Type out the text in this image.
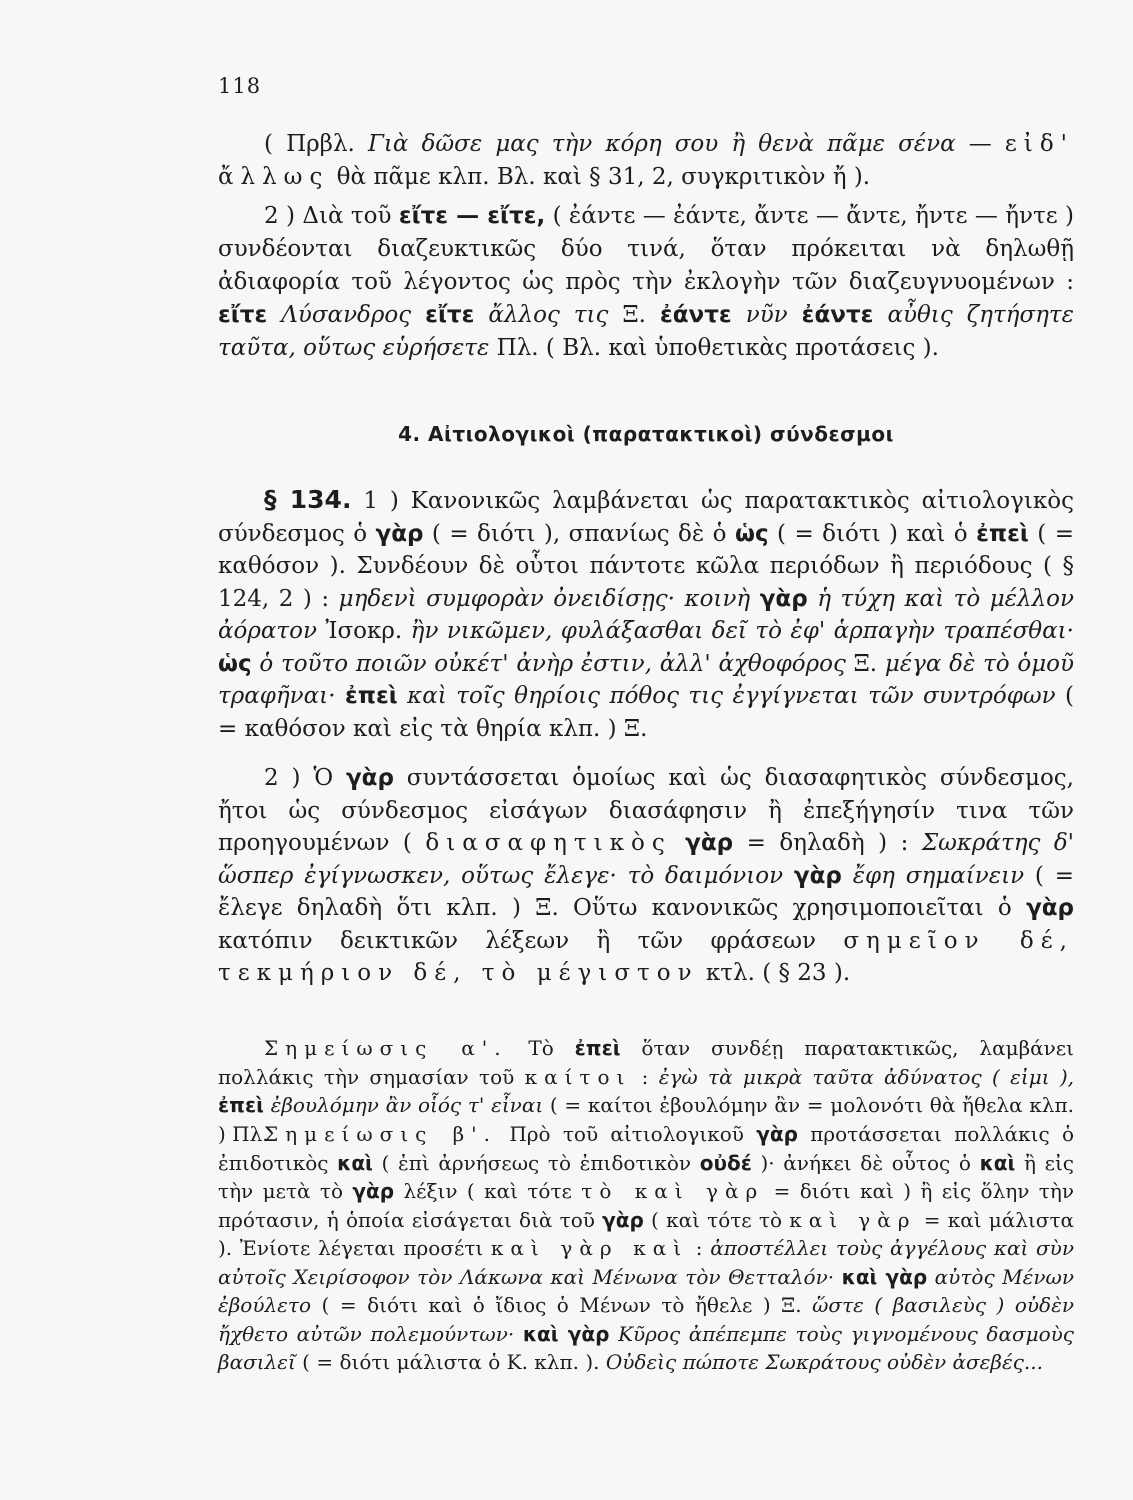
118

( Πρβλ. Γιὰ δῶσε μας τὴν κόρη σου ἢ θενὰ πᾶμε σένα — εἰδ' ἄλλως θὰ πᾶμε κλπ. Βλ. καὶ § 31, 2, συγκριτικὸν ἤ ).

2 ) Διὰ τοῦ εἴτε — εἴτε, ( ἐάντε — ἐάντε, ἄντε — ἄντε, ἤντε — ἤντε ) συνδέονται διαζευκτικῶς δύο τινά, ὅταν πρόκειται νὰ δηλωθῇ ἀδιαφορία τοῦ λέγοντος ὡς πρὸς τὴν ἐκλογὴν τῶν διαζευγνυομένων : εἴτε Λύσανδρος εἴτε ἄλλος τις Ξ. ἐάντε νῦν ἐάντε αὖθις ζητήσητε ταῦτα, οὕτως εὑρήσετε Πλ. ( Βλ. καὶ ὑποθετικὰς προτάσεις ).

4. Αἰτιολογικοὶ (παρατακτικοὶ) σύνδεσμοι

§ 134. 1 ) Κανονικῶς λαμβάνεται ὡς παρατακτικὸς αἰτιολογικὸς σύνδεσμος ὁ γὰρ ( = διότι ), σπανίως δὲ ὁ ὡς ( = διότι ) καὶ ὁ ἐπεὶ ( = καθόσον ). Συνδέουν δὲ οὗτοι πάντοτε κῶλα περιόδων ἢ περιόδους ( § 124, 2 ) : μηδενὶ συμφορὰν ὀνειδίσῃς· κοινὴ γὰρ ἡ τύχη καὶ τὸ μέλλον ἀόρατον Ἰσοκρ. ἢν νικῶμεν, φυλάξασθαι δεῖ τὸ ἐφ' ἁρπαγὴν τραπέσθαι· ὡς ὁ τοῦτο ποιῶν οὐκέτ' ἀνὴρ ἐστιν, ἀλλ' ἀχθοφόρος Ξ. μέγα δὲ τὸ ὁμοῦ τραφῆναι· ἐπεὶ καὶ τοῖς θηρίοις πόθος τις ἐγγίγνεται τῶν συντρόφων ( = καθόσον καὶ εἰς τὰ θηρία κλπ. ) Ξ.

2 ) Ὁ γὰρ συντάσσεται ὁμοίως καὶ ὡς διασαφητικὸς σύνδεσμος, ἤτοι ὡς σύνδεσμος εἰσάγων διασάφησιν ἢ ἐπεξήγησίν τινα τῶν προηγουμένων ( διασαφητικὸς γὰρ = δηλαδὴ ) : Σωκράτης δ' ὥσπερ ἐγίγνωσκεν, οὕτως ἔλεγε· τὸ δαιμόνιον γὰρ ἔφη σημαίνειν ( = ἔλεγε δηλαδὴ ὅτι κλπ. ) Ξ. Οὕτω κανονικῶς χρησιμοποιεῖται ὁ γὰρ κατόπιν δεικτικῶν λέξεων ἢ τῶν φράσεων σημεῖον δέ, τεκμήριον δέ, τὸ μέγιστον κτλ. ( § 23 ).

Σημείωσις α'. Τὸ ἐπεὶ ὅταν συνδέῃ παρατακτικῶς, λαμβάνει πολλάκις τὴν σημασίαν τοῦ καίτοι : ἐγὼ τὰ μικρὰ ταῦτα ἀδύνατος ( εἰμι ), ἐπεὶ ἐβουλόμην ἂν οἷός τ' εἶναι ( = καίτοι ἐβουλόμην ἂν = μολονότι θὰ ἤθελα κλπ. ) Πλ.

Σημείωσις β'. Πρὸ τοῦ αἰτιολογικοῦ γὰρ προτάσσεται πολλάκις ὁ ἐπιδοτικὸς καὶ ( ἐπὶ ἀρνήσεως τὸ ἐπιδοτικὸν οὐδέ )· ἀνήκει δὲ οὗτος ὁ καὶ ἢ εἰς τὴν μετὰ τὸ γὰρ λέξιν ( καὶ τότε τὸ καὶ γὰρ = διότι καὶ ) ἢ εἰς ὅλην τὴν πρότασιν, ἡ ὁποία εἰσάγεται διὰ τοῦ γὰρ ( καὶ τότε τὸ καὶ γὰρ = καὶ μάλιστα ). Ἐνίοτε λέγεται προσέτι καὶ γὰρ καὶ : ἀποστέλλει τοὺς ἀγγέλους καὶ σὺν αὐτοῖς Χειρίσοφον τὸν Λάκωνα καὶ Μένωνα τὸν Θετταλόν· καὶ γὰρ αὐτὸς Μένων ἐβούλετο ( = διότι καὶ ὁ ἴδιος ὁ Μένων τὸ ἤθελε ) Ξ. ὥστε ( βασιλεὺς ) οὐδὲν ἤχθετο αὐτῶν πολεμούντων· καὶ γὰρ Κῦρος ἀπέπεμπε τοὺς γιγνομένους δασμοὺς βασιλεῖ ( = διότι μάλιστα ὁ Κ. κλπ. ). Οὐδεὶς πώποτε Σωκράτους οὐδὲν ἀσεβές...
